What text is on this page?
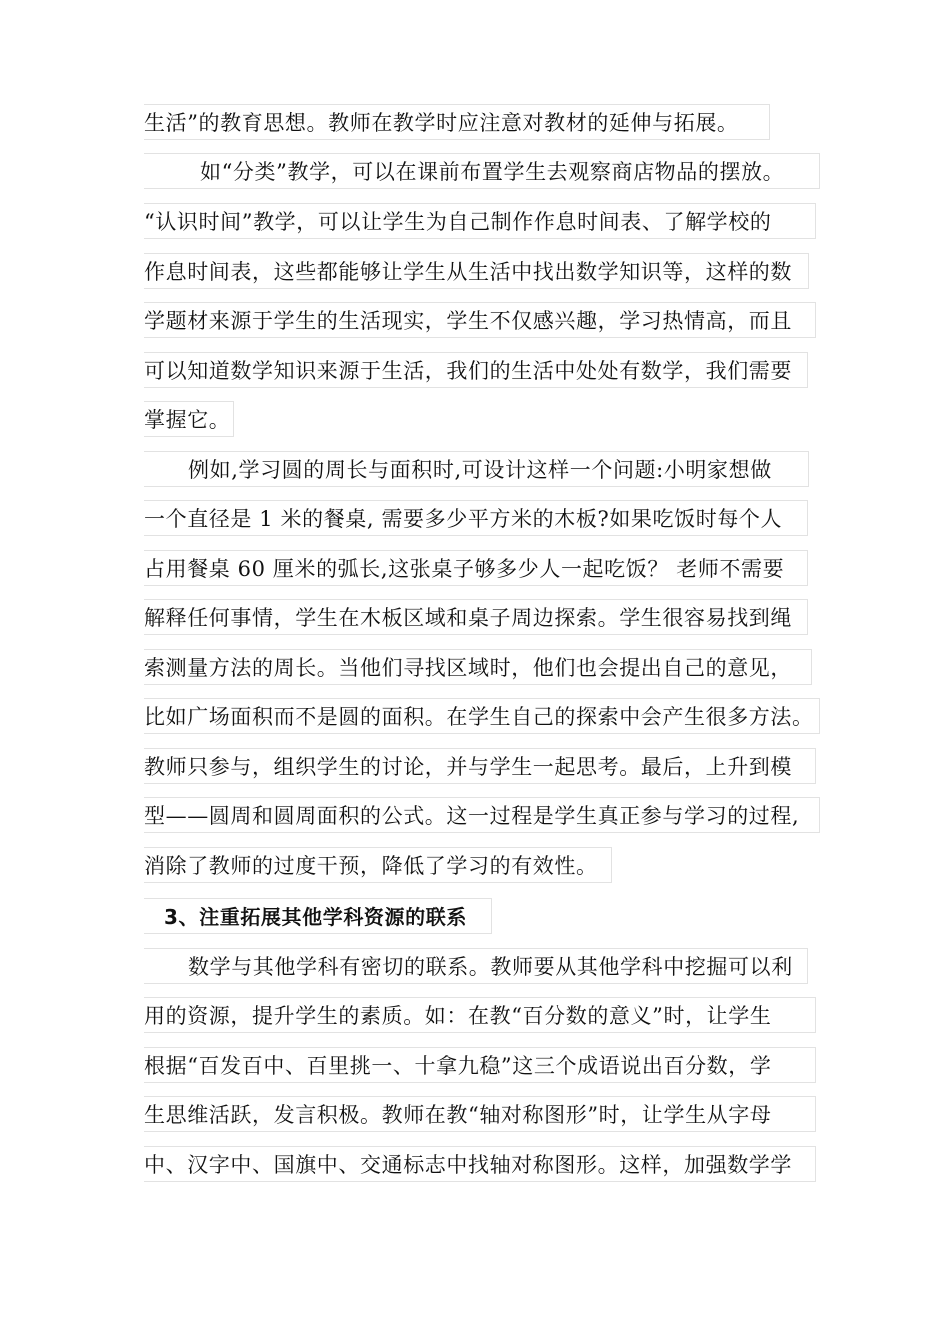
生活”的教育思想。教师在教学时应注意对教材的延伸与拓展。
如“分类”教学，可以在课前布置学生去观察商店物品的摆放。
“认识时间”教学，可以让学生为自己制作作息时间表、了解学校的
作息时间表，这些都能够让学生从生活中找出数学知识等，这样的数
学题材来源于学生的生活现实，学生不仅感兴趣，学习热情高，而且
可以知道数学知识来源于生活，我们的生活中处处有数学，我们需要
掌握它。
例如,学习圆的周长与面积时,可设计这样一个问题:小明家想做
一个直径是 1 米的餐桌, 需要多少平方米的木板?如果吃饭时每个人
占用餐桌 60 厘米的弧长,这张桌子够多少人一起吃饭？ 老师不需要
解释任何事情，学生在木板区域和桌子周边探索。学生很容易找到绳
索测量方法的周长。当他们寻找区域时，他们也会提出自己的意见，
比如广场面积而不是圆的面积。在学生自己的探索中会产生很多方法。
教师只参与，组织学生的讨论，并与学生一起思考。最后，上升到模
型——圆周和圆周面积的公式。这一过程是学生真正参与学习的过程,
消除了教师的过度干预，降低了学习的有效性。
3、注重拓展其他学科资源的联系
数学与其他学科有密切的联系。教师要从其他学科中挖掘可以利
用的资源，提升学生的素质。如：在教“百分数的意义”时，让学生
根据“百发百中、百里挑一、十拿九稳”这三个成语说出百分数，学
生思维活跃，发言积极。教师在教“轴对称图形”时，让学生从字母
中、汉字中、国旗中、交通标志中找轴对称图形。这样，加强数学学
